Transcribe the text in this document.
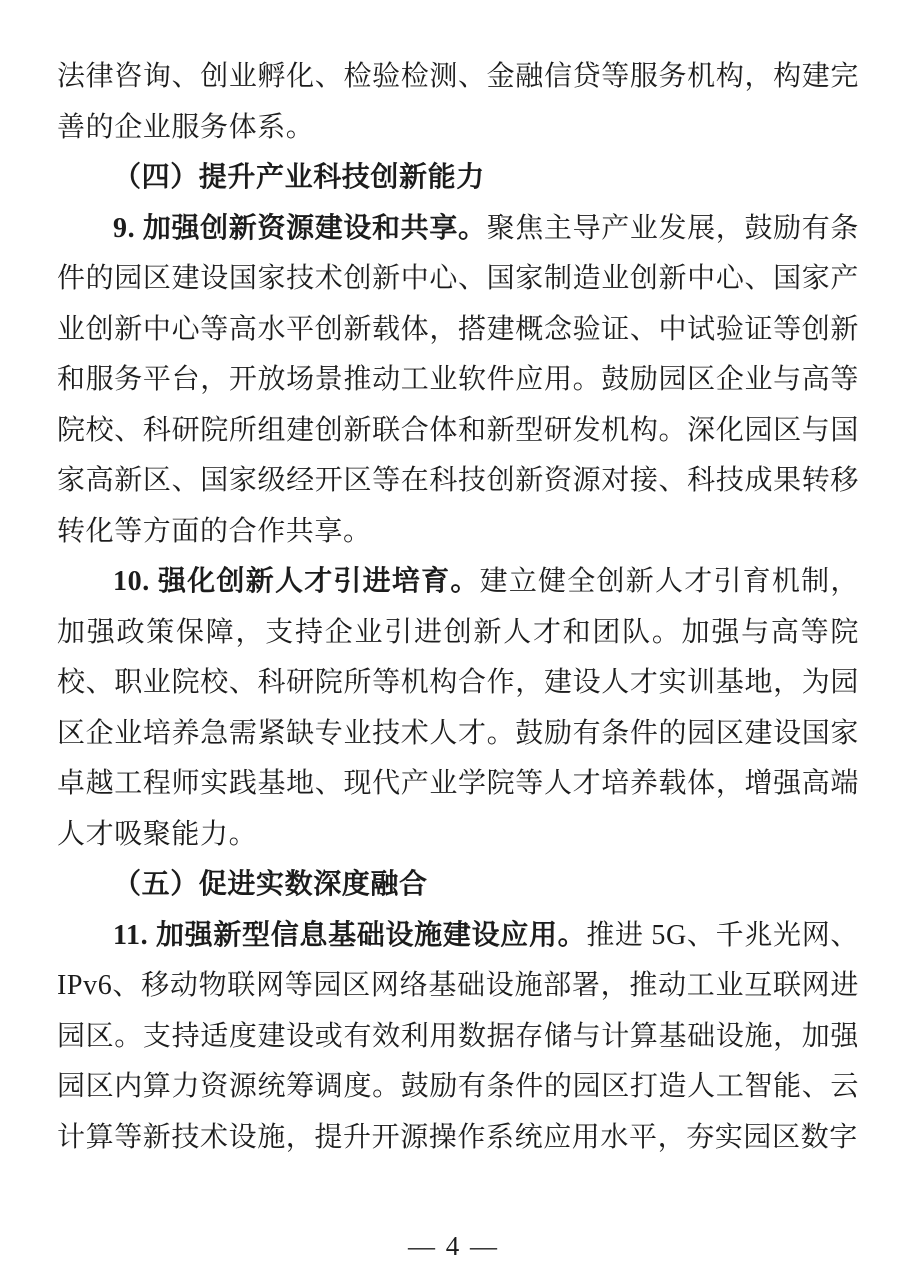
法律咨询、创业孵化、检验检测、金融信贷等服务机构，构建完善的企业服务体系。

（四）提升产业科技创新能力

9. 加强创新资源建设和共享。聚焦主导产业发展，鼓励有条件的园区建设国家技术创新中心、国家制造业创新中心、国家产业创新中心等高水平创新载体，搭建概念验证、中试验证等创新和服务平台，开放场景推动工业软件应用。鼓励园区企业与高等院校、科研院所组建创新联合体和新型研发机构。深化园区与国家高新区、国家级经开区等在科技创新资源对接、科技成果转移转化等方面的合作共享。

10. 强化创新人才引进培育。建立健全创新人才引育机制，加强政策保障，支持企业引进创新人才和团队。加强与高等院校、职业院校、科研院所等机构合作，建设人才实训基地，为园区企业培养急需紧缺专业技术人才。鼓励有条件的园区建设国家卓越工程师实践基地、现代产业学院等人才培养载体，增强高端人才吸聚能力。

（五）促进实数深度融合

11. 加强新型信息基础设施建设应用。推进 5G、千兆光网、IPv6、移动物联网等园区网络基础设施部署，推动工业互联网进园区。支持适度建设或有效利用数据存储与计算基础设施，加强园区内算力资源统筹调度。鼓励有条件的园区打造人工智能、云计算等新技术设施，提升开源操作系统应用水平，夯实园区数字

— 4 —
